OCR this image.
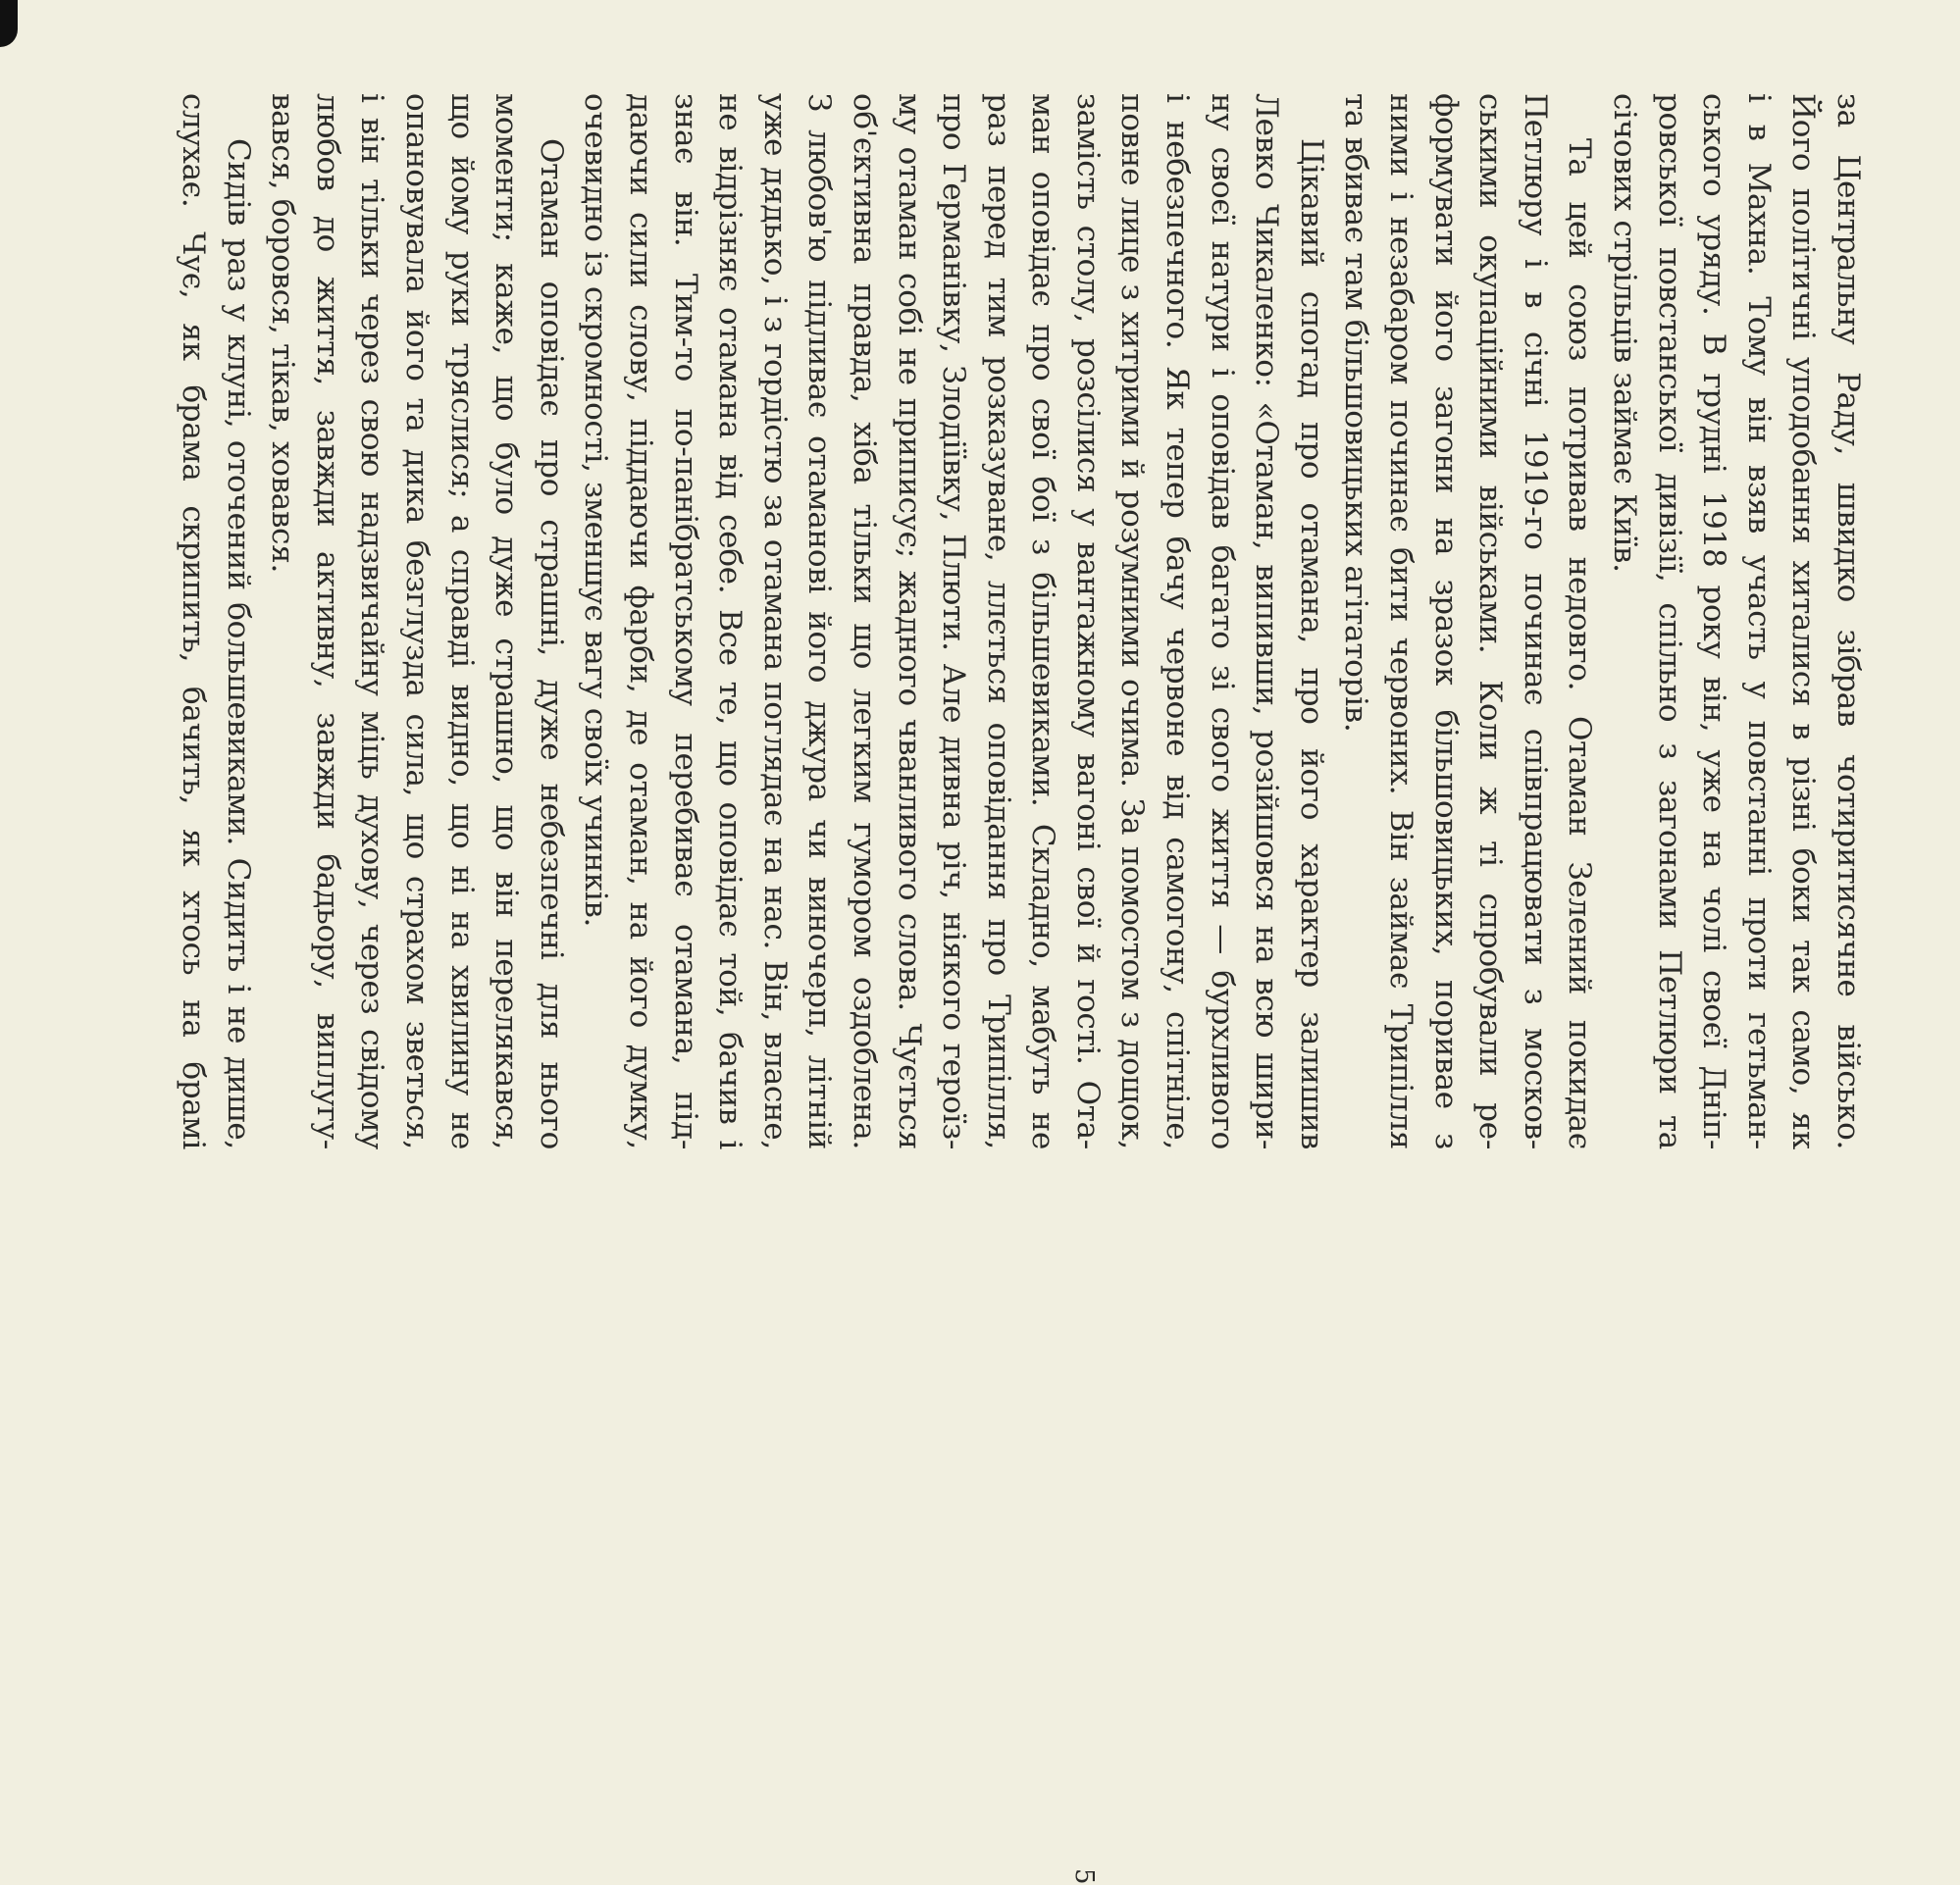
за Центральну Раду, швидко зібрав чотиритисячне військо.
Його політичні уподобання хиталися в різні боки так само, як
і в Махна. Тому він взяв участь у повстанні проти гетьман-
ського уряду. В грудні 1918 року він, уже на чолі своєї Дніп-
ровської повстанської дивізії, спільно з загонами Петлюри та
січових стрільців займає Київ.
Та цей союз потривав недовго. Отаман Зелений покидає
Петлюру і в січні 1919-го починає співпрацювати з москов-
ськими окупаційними військами. Коли ж ті спробували ре-
формувати його загони на зразок більшовицьких, поривае з
ними і незабаром починає бити червоних. Він займає Трипілля
та вбиває там більшовицьких агітаторів.
Цікавий спогад про отамана, про його характер залишив
Левко Чикаленко: «Отаман, випивши, розійшовся на всю шири-
ну своєї натури і оповідав багато зі свого життя — бурхливого
і небезпечного. Як тепер бачу червоне від самогону, спітніле,
повне лице з хитрими й розумними очима. За помостом з дощок,
замість столу, розсілися у вантажному вагоні свої й гості. Ота-
ман оповідає про свої бої з більшевиками. Складно, мабуть не
раз перед тим розказуване, ллється оповідання про Трипілля,
про Германівку, Злодіївку, Плюти. Але дивна річ, ніякого героїз-
му отаман собі не приписує; жадного чванливого слова. Чується
об'єктивна правда, хіба тільки що легким гумором оздоблена.
З любов'ю підливає отаманові його джура чи виночерп, літній
уже дядько, і з гордістю за отамана поглядає на нас. Він, власне,
не відрізняє отамана від себе. Все те, що оповідає той, бачив і
знає він. Тим-то по-панібратському перебиває отамана, під-
даючи сили слову, піддаючи фарби, де отаман, на його думку,
очевидно із скромності, зменшує вагу своїх учинків.
Отаман оповідає про страшні, дуже небезпечні для нього
моменти; каже, що було дуже страшно, що він перелякався,
що йому руки тряслися; а справді видно, що ні на хвилину не
опановувала його та дика безглузда сила, що страхом зветься,
і він тільки через свою надзвичайну міць духову, через свідому
любов до життя, завжди активну, завжди бадьору, виплугу-
вався, боровся, тікав, ховався.
Сидів раз у клуні, оточений большевиками. Сидить і не дише,
слухає. Чує, як брама скрипить, бачить, як хтось на брамі
5
